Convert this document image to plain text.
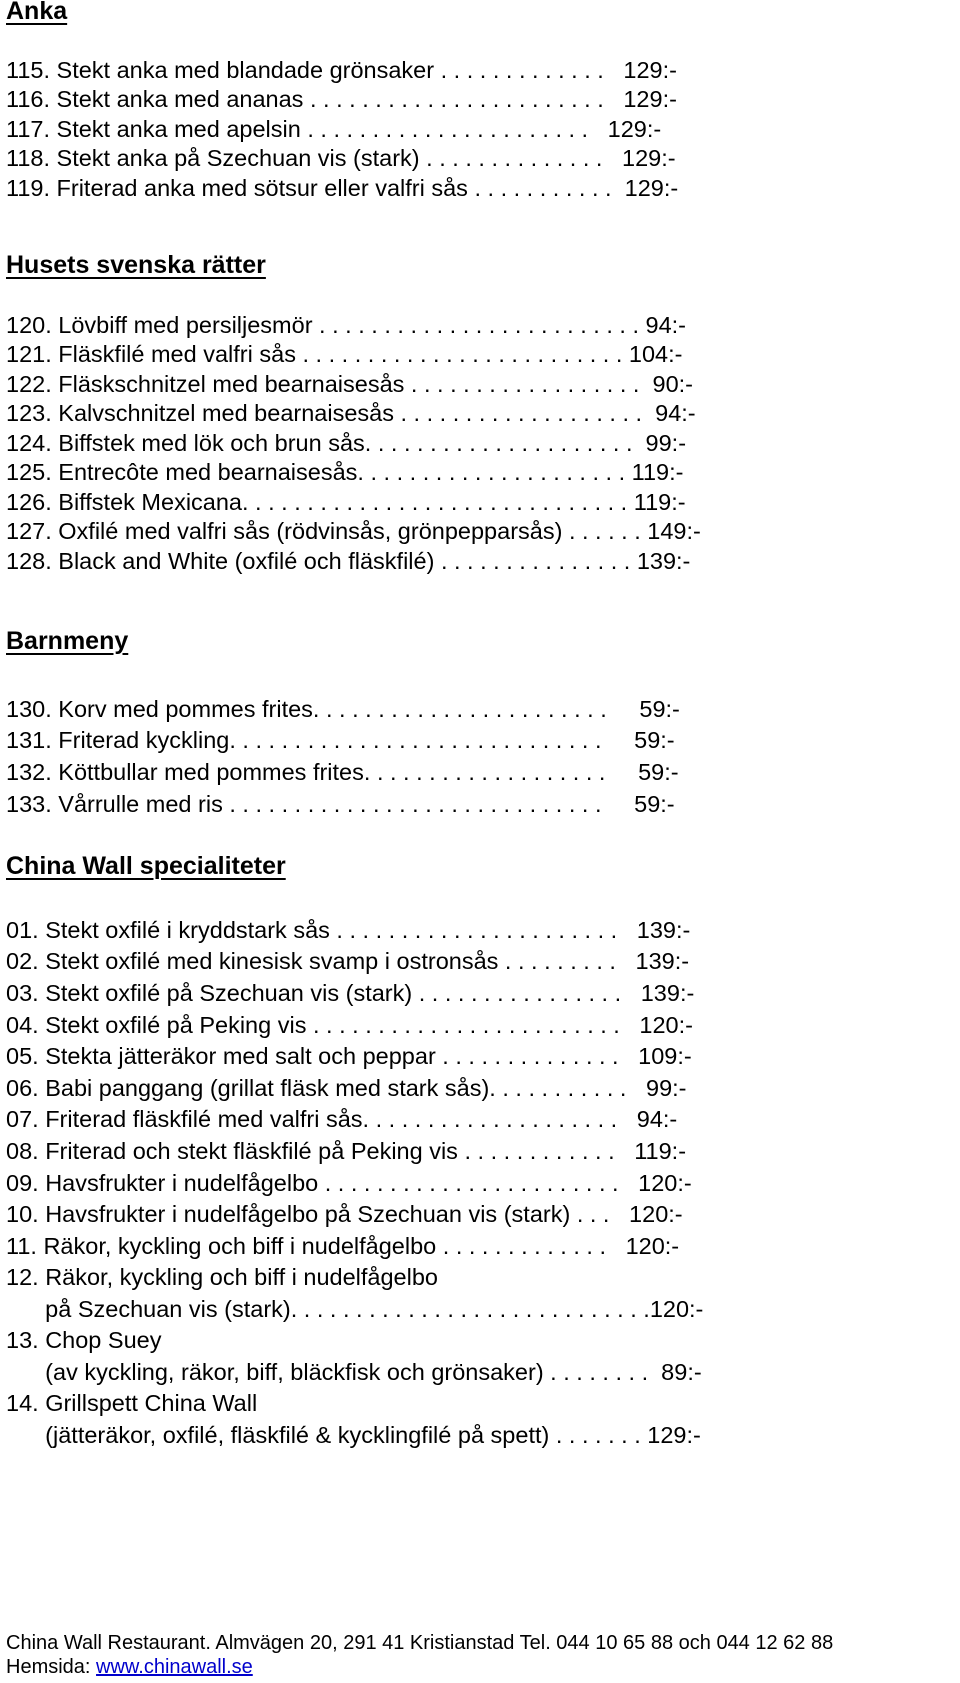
Anka
115. Stekt anka med blandade grönsaker . . . . . . . . . . . . .   129:-
116. Stekt anka med ananas . . . . . . . . . . . . . . . . . . . . . . .   129:-
117. Stekt anka med apelsin . . . . . . . . . . . . . . . . . . . . . .   129:-
118. Stekt anka på Szechuan vis (stark) . . . . . . . . . . . . . .   129:-
119. Friterad anka med sötsur eller valfri sås . . . . . . . . . . .  129:-
Husets svenska rätter
120. Lövbiff med persiljesmör . . . . . . . . . . . . . . . . . . . . . . . . . 94:-
121. Fläskfilé med valfri sås . . . . . . . . . . . . . . . . . . . . . . . . . 104:-
122. Fläskschnitzel med bearnaisesås . . . . . . . . . . . . . . . . . .  90:-
123. Kalvschnitzel med bearnaisesås . . . . . . . . . . . . . . . . . . .  94:-
124. Biffstek med lök och brun sås. . . . . . . . . . . . . . . . . . . . .  99:-
125. Entrecôte med bearnaisesås. . . . . . . . . . . . . . . . . . . . . 119:-
126. Biffstek Mexicana. . . . . . . . . . . . . . . . . . . . . . . . . . . . . . 119:-
127. Oxfilé med valfri sås (rödvinsås, grönpepparsås) . . . . . . 149:-
128. Black and White (oxfilé och fläskfilé) . . . . . . . . . . . . . . . 139:-
Barnmeny
130. Korv med pommes frites. . . . . . . . . . . . . . . . . . . . . . .     59:-
131. Friterad kyckling. . . . . . . . . . . . . . . . . . . . . . . . . . . . .     59:-
132. Köttbullar med pommes frites. . . . . . . . . . . . . . . . . . .     59:-
133. Vårrulle med ris . . . . . . . . . . . . . . . . . . . . . . . . . . . . .     59:-
China Wall specialiteter
01. Stekt oxfilé i kryddstark sås . . . . . . . . . . . . . . . . . . . . . .   139:-
02. Stekt oxfilé med kinesisk svamp i ostronsås . . . . . . . . .   139:-
03. Stekt oxfilé på Szechuan vis (stark) . . . . . . . . . . . . . . . .   139:-
04. Stekt oxfilé på Peking vis . . . . . . . . . . . . . . . . . . . . . . . .   120:-
05. Stekta jätteräkor med salt och peppar . . . . . . . . . . . . . .   109:-
06. Babi panggang (grillat fläsk med stark sås). . . . . . . . . . .   99:-
07. Friterad fläskfilé med valfri sås. . . . . . . . . . . . . . . . . . . .   94:-
08. Friterad och stekt fläskfilé på Peking vis . . . . . . . . . . . .   119:-
09. Havsfrukter i nudelfågelbo . . . . . . . . . . . . . . . . . . . . . . .   120:-
10. Havsfrukter i nudelfågelbo på Szechuan vis (stark) . . .   120:-
11. Räkor, kyckling och biff i nudelfågelbo . . . . . . . . . . . . .   120:-
12. Räkor, kyckling och biff i nudelfågelbo
på Szechuan vis (stark). . . . . . . . . . . . . . . . . . . . . . . . . . . .120:-
13. Chop Suey
(av kyckling, räkor, biff, bläckfisk och grönsaker) . . . . . . . .  89:-
14. Grillspett China Wall
(jätteräkor, oxfilé, fläskfilé & kycklingfilé på spett) . . . . . . . 129:-
China Wall Restaurant. Almvägen 20, 291 41 Kristianstad Tel. 044 10 65 88 och 044 12 62 88
Hemsida: www.chinawall.se
